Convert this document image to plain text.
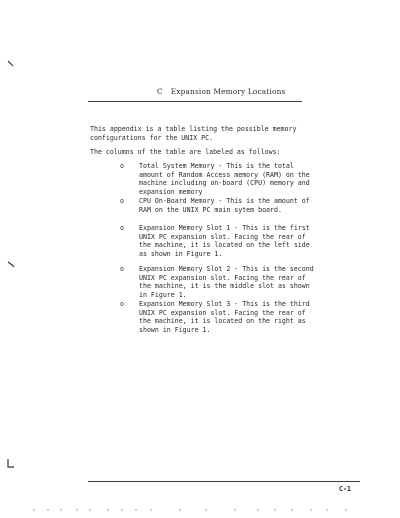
C Expansion Memory Locations
This appendix is a table listing the possible memory
configurations for the UNIX PC.
The columns of the table are labeled as follows:
o Total System Memory - This is the total
amount of Random Access memory (RAM) on the
machine including on-board (CPU) memory and
expansion memory
o CPU On-Board Memory - This is the amount of
RAM on the UNIX PC main sytem board.
o Expansion Memory Slot 1 - This is the first
UNIX PC expansion slot. Facing the rear of
the machine, it is located on the left side
as shown in Figure 1.
o Expansion Memory Slot 2 - This is the second
UNIX PC expansion slot. Facing the rear of
the machine, it is the middle slot as shown
in Figure 1.
o Expansion Memory Slot 3 - This is the third
UNIX PC expansion slot. Facing the rear of
the machine, it is located on the right as
shown in Figure 1.
C-1
